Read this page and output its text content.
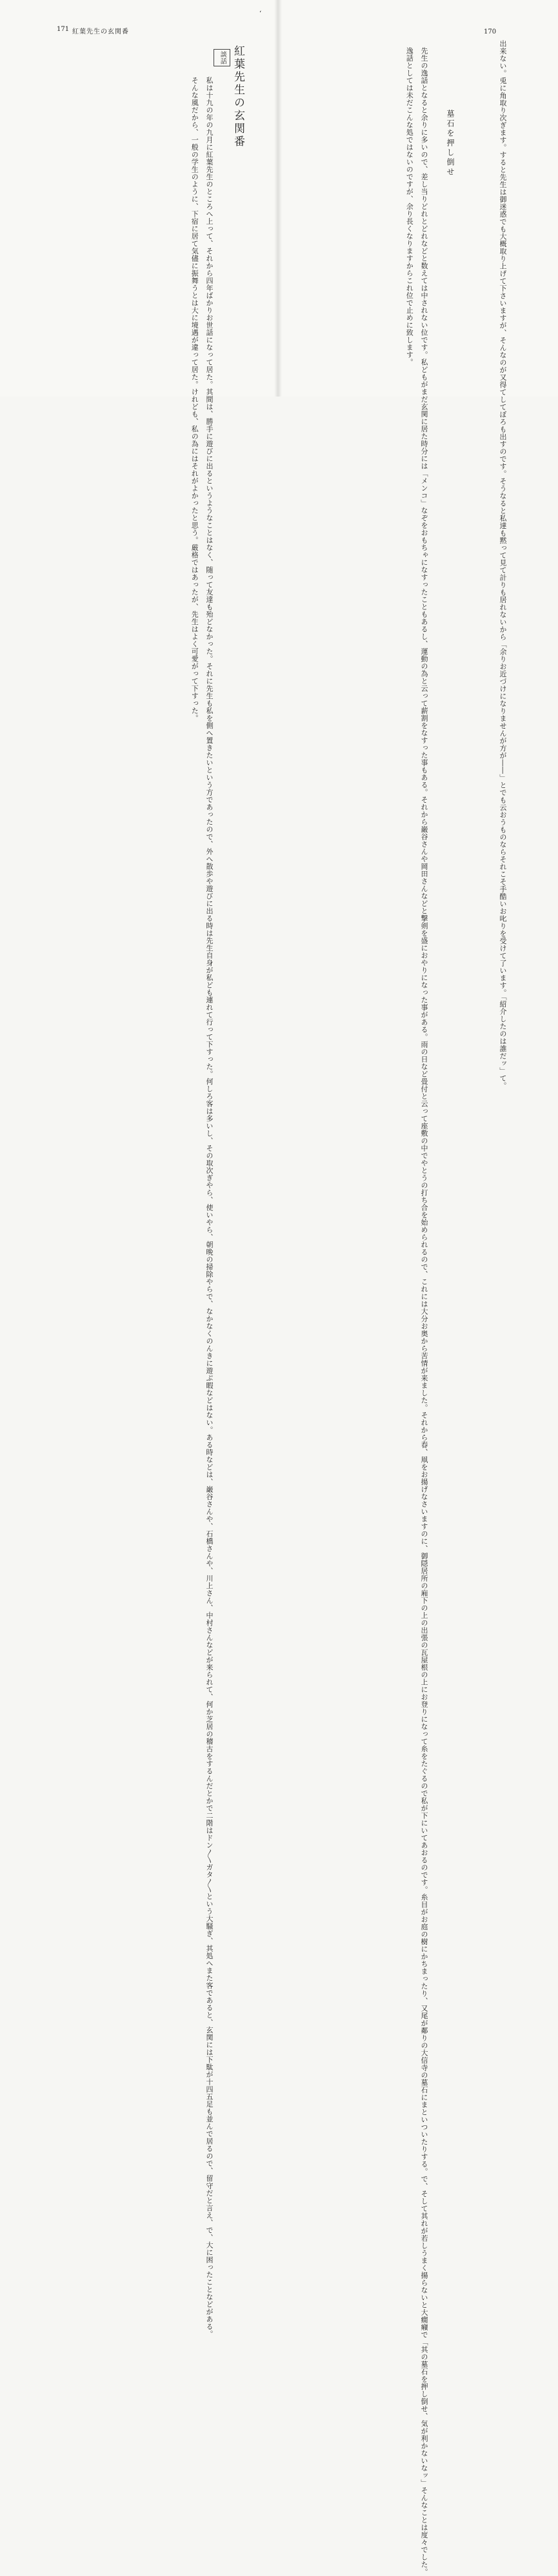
ʻ
171 紅葉先生の玄関番
紅葉先生の玄関番
談話
私は十九の年の九月に紅葉先生のところへ上って、それから四年ばかりお世話になって居た。其間は、勝手に遊びに出るというようなことはなく、随って友達も殆どなかった。それに先生も私を側へ置きたいという方であったので、外へ散歩や遊びに出る時は先生自身が私ども連れて行って下すった。何しろ客は多いし、その取次ぎやら、使いやら、朝晩の掃除やらで、なかなくのんきに遊ぶ暇などはない。ある時などは、巌谷さんや、石橋さんや、川上さん、中村さんなどが来られて、何か芝居の稽古をするんだとかで二階はドン〳〵ガタ〳〵という大騒ぎ、其処へまた客であると、玄関には下駄が十四五足も並んで居るので、留守だと言え、で、大に困ったことなどがある。
そんな風だから、一般の学生のように、下宿に居て気儘に振舞うとは大に境遇が違って居た。けれども、私の為にはそれがよかったと思う。厳格ではあったが、先生はよく可愛がって下すった。
170
出来ない。兎に角取り次ぎます。すると先生は御迷惑でも大概取り上げて下さいますが、そんなのが又得てしてぼろも出すのです。そうなると私達も黙って見て計りも居れないから「余りお近づけになりませんが方が――」とでも云おうものならそれこそ手酷いお叱りを受けて了います。「紹介したのは誰だッ」て。
墓石を押し倒せ
先生の逸話となると余りに多いので、差し当りどれとどれなどと数えては中されない位です。私どもがまだ玄関に居た時分には「メンコ」なぞをおもちゃになすったこともあるし、運動の為と云って薪割をなすった事もある。それから巌谷さんや岡田さんなどと撃剣を盛におやりになった事がある。雨の日など畳付と云って座敷の中でやとうの打ち合を始められるので、これには大分お奥から苦情が来ました。それから春、凧をお揚げなさいますのに、御隠居所の廂下の上の出張の瓦屋根の上にお登りになって糸をたぐるので私が下にいてあおるのです。糸目がお庭の樹にかちまったり、又尾が鄰りの大信寺の墓石にまといついたりする。で、そして其れが若しうまく揚らないと大癇癪で「其の墓石を押し倒せ、気が利かないなッ」そんなことは度々でした。
逸話としては未だこんな処ではないのですが、余り長くなりますからこれ位で止めに致します。
